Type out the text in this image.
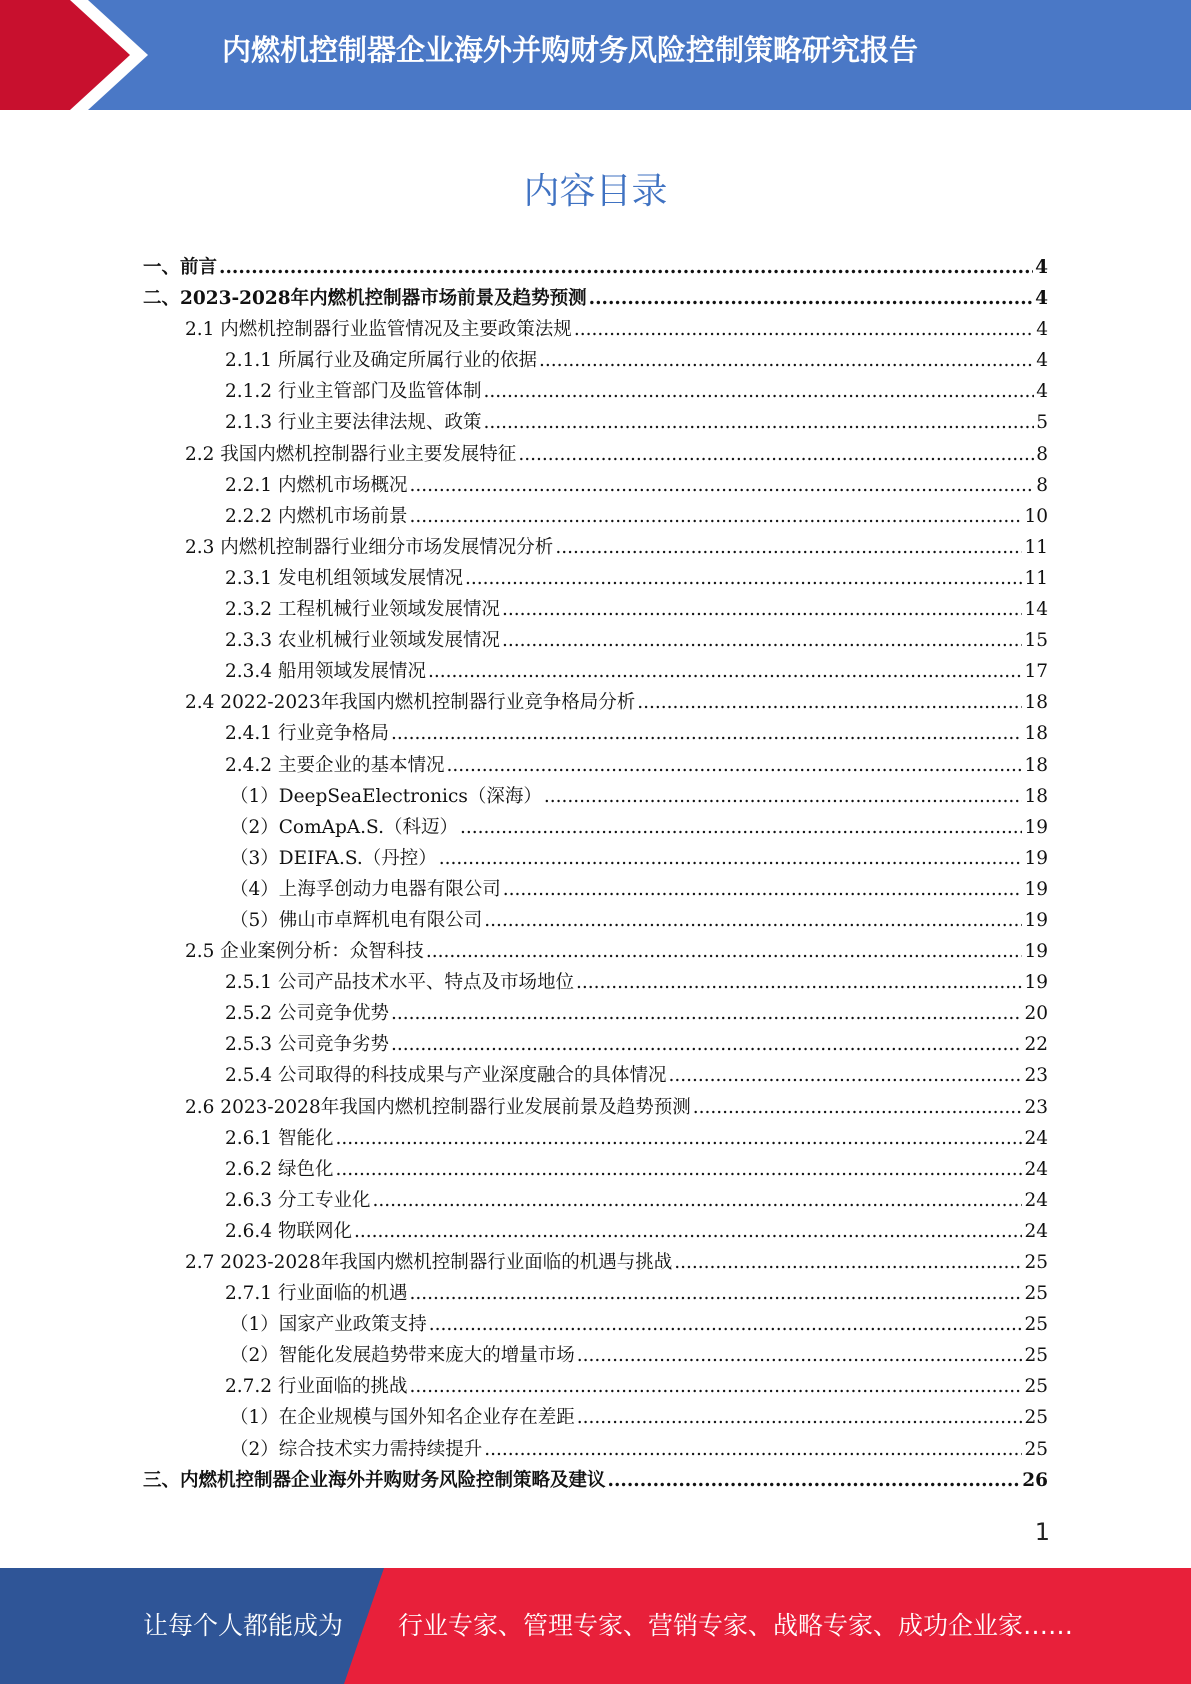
内燃机控制器企业海外并购财务风险控制策略研究报告
内容目录
一、前言 .....	4
二、2023-2028年内燃机控制器市场前景及趋势预测 .....	4
2.1 内燃机控制器行业监管情况及主要政策法规 .....	4
2.1.1 所属行业及确定所属行业的依据 .....	4
2.1.2 行业主管部门及监管体制 .....	4
2.1.3 行业主要法律法规、政策 .....	5
2.2 我国内燃机控制器行业主要发展特征 .....	8
2.2.1 内燃机市场概况 .....	8
2.2.2 内燃机市场前景 .....	10
2.3 内燃机控制器行业细分市场发展情况分析 .....	11
2.3.1 发电机组领域发展情况 .....	11
2.3.2 工程机械行业领域发展情况 .....	14
2.3.3 农业机械行业领域发展情况 .....	15
2.3.4 船用领域发展情况 .....	17
2.4 2022-2023年我国内燃机控制器行业竞争格局分析 .....	18
2.4.1 行业竞争格局 .....	18
2.4.2 主要企业的基本情况 .....	18
（1）DeepSeaElectronics（深海） .....	18
（2）ComApA.S.（科迈） .....	19
（3）DEIFA.S.（丹控） .....	19
（4）上海孚创动力电器有限公司 .....	19
（5）佛山市卓辉机电有限公司 .....	19
2.5 企业案例分析：众智科技 .....	19
2.5.1 公司产品技术水平、特点及市场地位 .....	19
2.5.2 公司竞争优势 .....	20
2.5.3 公司竞争劣势 .....	22
2.5.4 公司取得的科技成果与产业深度融合的具体情况 .....	23
2.6 2023-2028年我国内燃机控制器行业发展前景及趋势预测 .....	23
2.6.1 智能化 .....	24
2.6.2 绿色化 .....	24
2.6.3 分工专业化 .....	24
2.6.4 物联网化 .....	24
2.7 2023-2028年我国内燃机控制器行业面临的机遇与挑战 .....	25
2.7.1 行业面临的机遇 .....	25
（1）国家产业政策支持 .....	25
（2）智能化发展趋势带来庞大的增量市场 .....	25
2.7.2 行业面临的挑战 .....	25
（1）在企业规模与国外知名企业存在差距 .....	25
（2）综合技术实力需持续提升 .....	25
三、内燃机控制器企业海外并购财务风险控制策略及建议 .....	26
1
让每个人都能成为 行业专家、管理专家、营销专家、战略专家、成功企业家……
